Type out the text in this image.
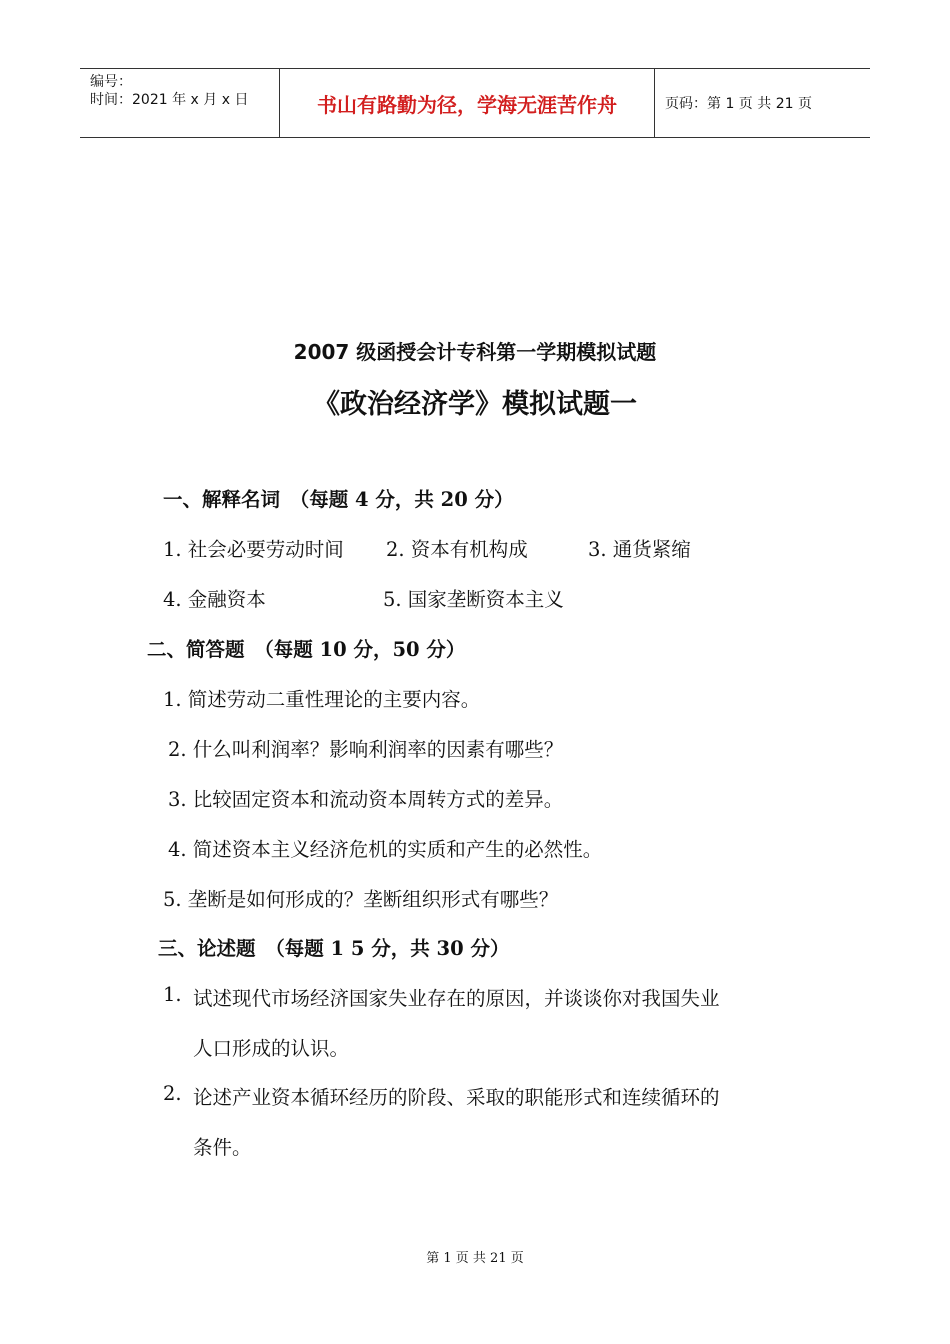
编号：
时间：2021 年 x 月 x 日	书山有路勤为径，学海无涯苦作舟	页码：第 1 页 共 21 页
2007 级函授会计专科第一学期模拟试题
《政治经济学》模拟试题一
一、解释名词　（每题 4 分，共 20 分）
1. 社会必要劳动时间 2. 资本有机构成	3. 通货紧缩
4. 金融资本	5. 国家垄断资本主义
二、简答题　（每题 10 分，50 分）
1. 简述劳动二重性理论的主要内容。
2. 什么叫利润率？影响利润率的因素有哪些？
3. 比较固定资本和流动资本周转方式的差异。
4. 简述资本主义经济危机的实质和产生的必然性。
5. 垄断是如何形成的？垄断组织形式有哪些？
三、论述题　（每题 1 5 分，共 30 分）
1. 试述现代市场经济国家失业存在的原因，并谈谈你对我国失业
人口形成的认识。
2. 论述产业资本循环经历的阶段、采取的职能形式和连续循环的
条件。
第 1 页 共 21 页
